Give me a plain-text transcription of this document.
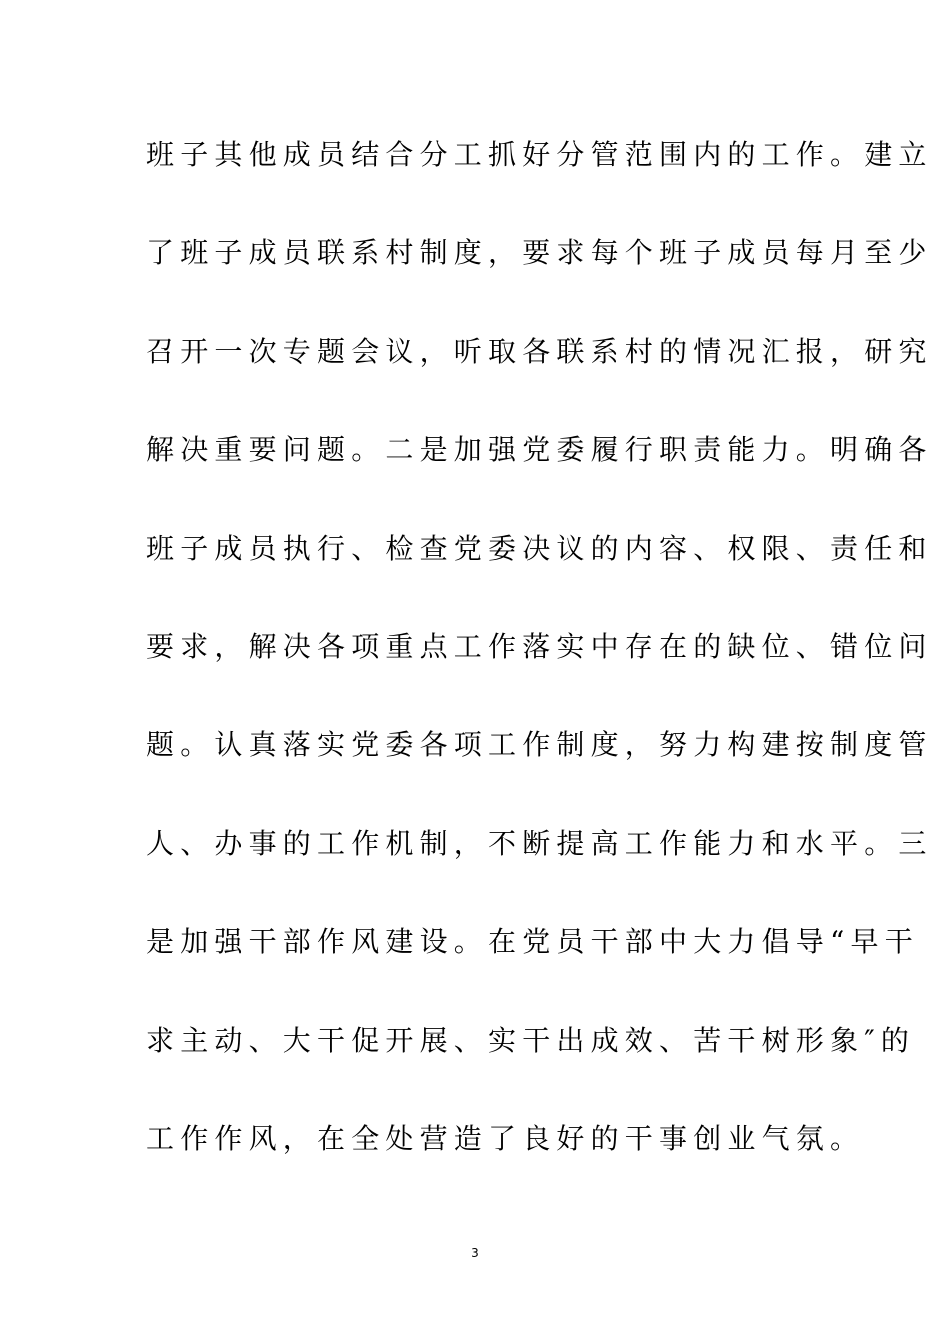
班子其他成员结合分工抓好分管范围内的工作。建立
了班子成员联系村制度，要求每个班子成员每月至少
召开一次专题会议，听取各联系村的情况汇报，研究
解决重要问题。二是加强党委履行职责能力。明确各
班子成员执行、检查党委决议的内容、权限、责任和
要求，解决各项重点工作落实中存在的缺位、错位问
题。认真落实党委各项工作制度，努力构建按制度管
人、办事的工作机制，不断提高工作能力和水平。三
是加强干部作风建设。在党员干部中大力倡导“早干
求主动、大干促开展、实干出成效、苦干树形象″的
工作作风，在全处营造了良好的干事创业气氛。
3
